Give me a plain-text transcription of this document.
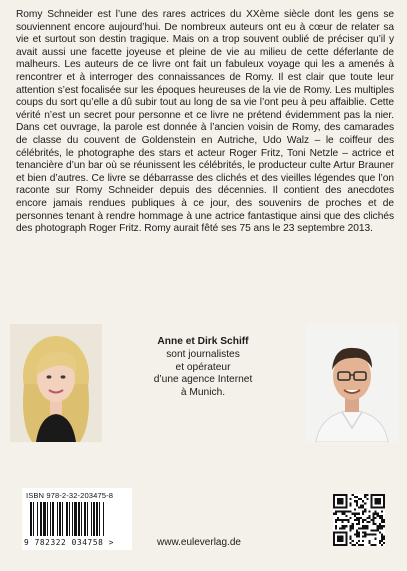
Romy Schneider est l’une des rares actrices du XXème siècle dont les gens se souviennent encore aujourd’hui. De nombreux auteurs ont eu à cœur de relater sa vie et surtout son destin tragique. Mais on a trop souvent oublié de préciser qu’il y avait aussi une facette joyeuse et pleine de vie au milieu de cette déferlante de malheurs. Les auteurs de ce livre ont fait un fabuleux voyage qui les a amenés à rencontrer et à interroger des connaissances de Romy. Il est clair que toute leur attention s’est focalisée sur les époques heureuses de la vie de Romy. Les multiples coups du sort qu’elle a dû subir tout au long de sa vie l’ont peu à peu affaiblie. Cette vérité n’est un secret pour personne et ce livre ne prétend évidemment pas la nier. Dans cet ouvrage, la parole est donnée à l’ancien voisin de Romy, des camarades de classe du couvent de Goldenstein en Autriche, Udo Walz – le coiffeur des célébrités, le photographe des stars et acteur Roger Fritz, Toni Netzle – actrice et tenancière d’un bar où se réunissent les célébrités, le producteur culte Artur Brauner et bien d’autres. Ce livre se débarrasse des clichés et des vieilles légendes que l’on raconte sur Romy Schneider depuis des décennies. Il contient des anecdotes encore jamais rendues publiques à ce jour, des souvenirs de proches et de personnes tenant à rendre hommage à une actrice fantastique ainsi que des clichés des photograph Roger Fritz. Romy aurait fêté ses 75 ans le 23 septembre 2013.

Anne et Dirk Schiff
sont journalistes
et opérateur
d’une agence Internet
à Munich.
ISBN 978-2-32-203475-8
9 782322 034758 >	www.euleverlag.de
